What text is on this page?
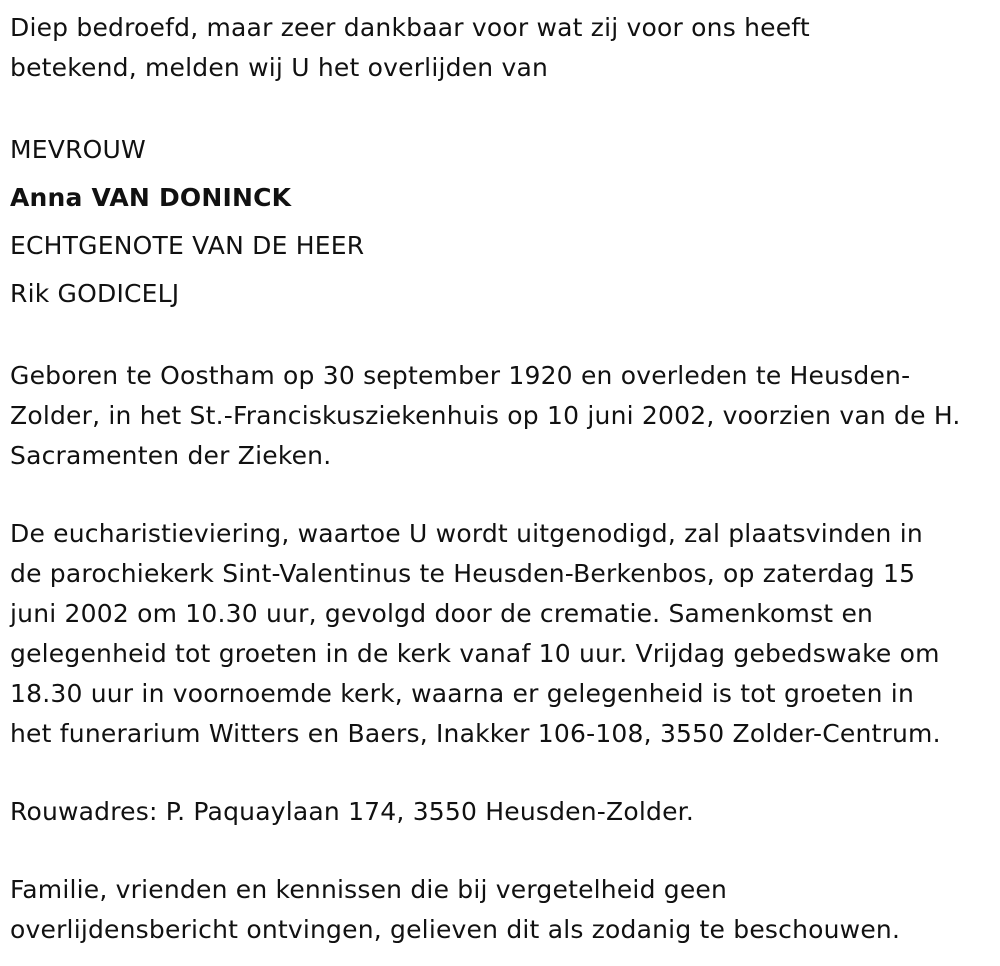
Diep bedroefd, maar zeer dankbaar voor wat zij voor ons heeft
betekend, melden wij U het overlijden van
MEVROUW
Anna VAN DONINCK
ECHTGENOTE VAN DE HEER
Rik GODICELJ
Geboren te Oostham op 30 september 1920 en overleden te Heusden-
Zolder, in het St.-Franciskusziekenhuis op 10 juni 2002, voorzien van de H.
Sacramenten der Zieken.
De eucharistieviering, waartoe U wordt uitgenodigd, zal plaatsvinden in
de parochiekerk Sint-Valentinus te Heusden-Berkenbos, op zaterdag 15
juni 2002 om 10.30 uur, gevolgd door de crematie. Samenkomst en
gelegenheid tot groeten in de kerk vanaf 10 uur. Vrijdag gebedswake om
18.30 uur in voornoemde kerk, waarna er gelegenheid is tot groeten in
het funerarium Witters en Baers, Inakker 106-108, 3550 Zolder-Centrum.
Rouwadres: P. Paquaylaan 174, 3550 Heusden-Zolder.
Familie, vrienden en kennissen die bij vergetelheid geen
overlijdensbericht ontvingen, gelieven dit als zodanig te beschouwen.
